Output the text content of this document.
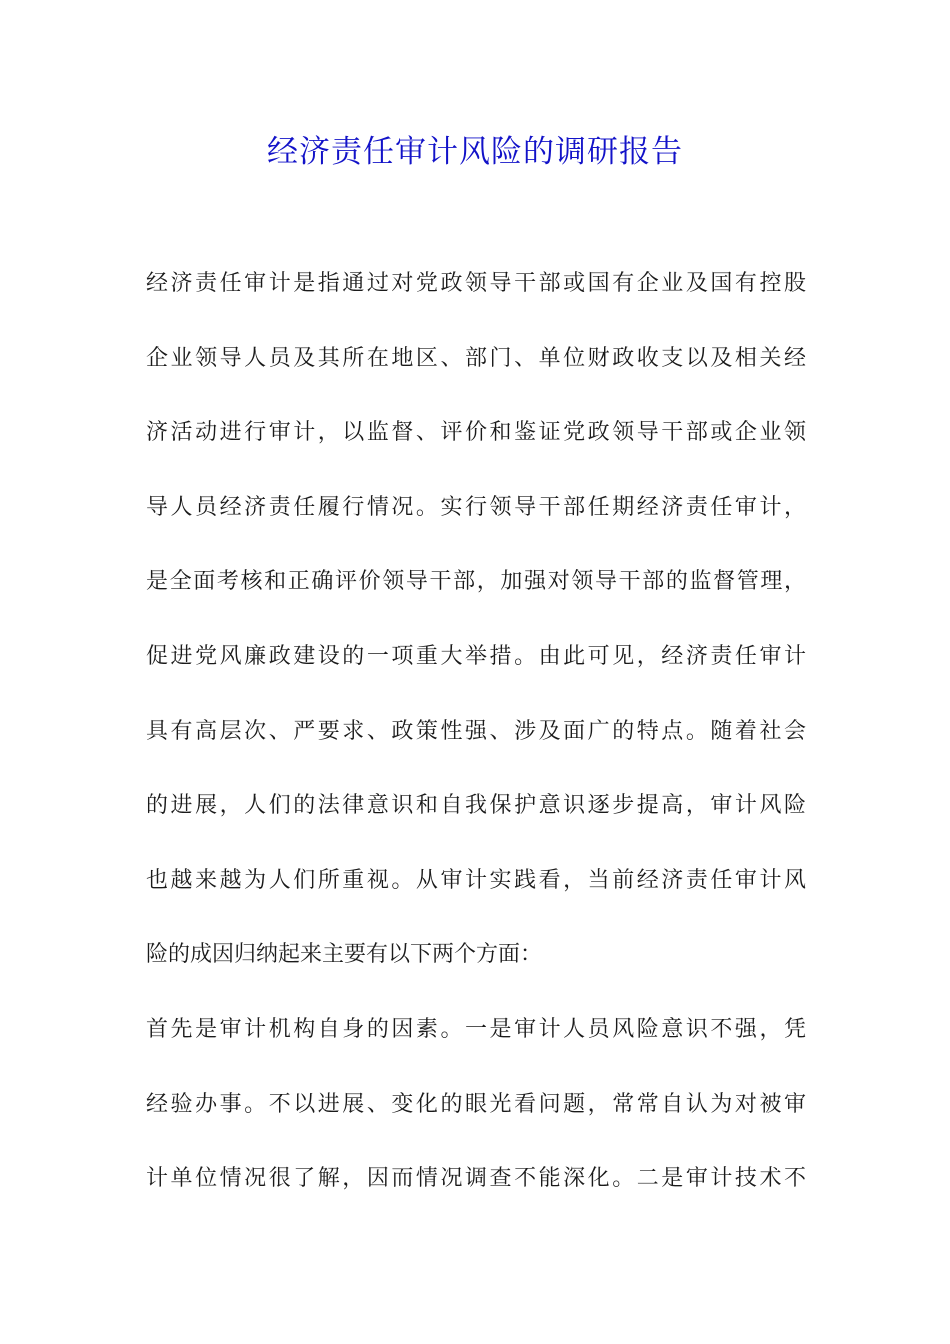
经济责任审计风险的调研报告
经济责任审计是指通过对党政领导干部或国有企业及国有控股
企业领导人员及其所在地区、部门、单位财政收支以及相关经
济活动进行审计，以监督、评价和鉴证党政领导干部或企业领
导人员经济责任履行情况。实行领导干部任期经济责任审计，
是全面考核和正确评价领导干部，加强对领导干部的监督管理，
促进党风廉政建设的一项重大举措。由此可见，经济责任审计
具有高层次、严要求、政策性强、涉及面广的特点。随着社会
的进展，人们的法律意识和自我保护意识逐步提高，审计风险
也越来越为人们所重视。从审计实践看，当前经济责任审计风
险的成因归纳起来主要有以下两个方面：
首先是审计机构自身的因素。一是审计人员风险意识不强，凭
经验办事。不以进展、变化的眼光看问题，常常自认为对被审
计单位情况很了解，因而情况调查不能深化。二是审计技术不
